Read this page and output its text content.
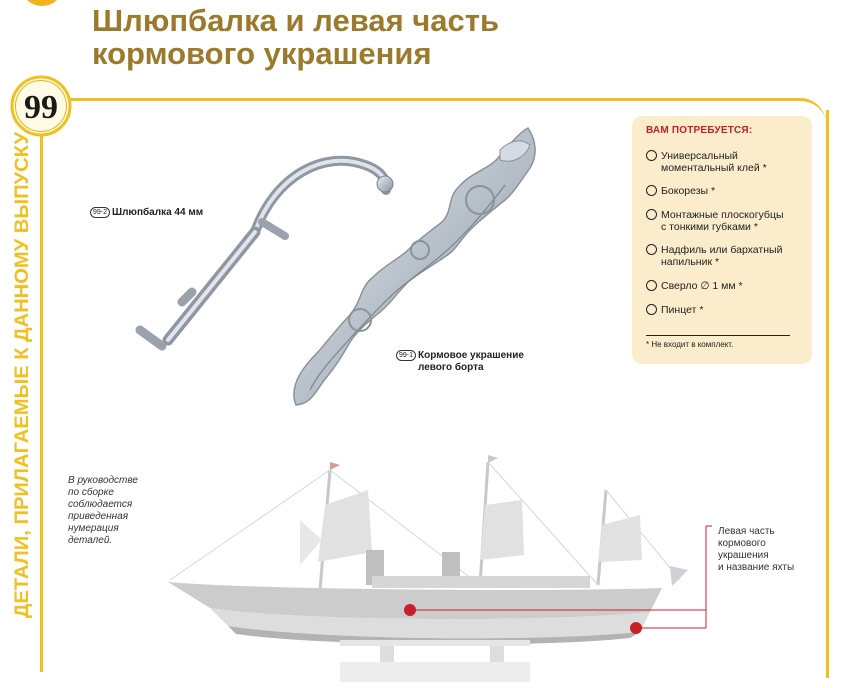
Шлюпбалка и левая часть
кормового украшения
ДЕТАЛИ, ПРИЛАГАЕМЫЕ К ДАННОМУ ВЫПУСКУ
99
99-2 Шлюпбалка 44 мм
99-1 Кормовое украшение
левого борта
ВАМ ПОТРЕБУЕТСЯ:
Универсальный
моментальный клей *
Бокорезы *
Монтажные плоскогубцы
с тонкими губками *
Надфиль или бархатный
напильник *
Сверло ∅ 1 мм *
Пинцет *
* Не входит в комплект.
В руководстве
по сборке
соблюдается
приведенная
нумерация
деталей.
Левая часть
кормового
украшения
и название яхты
